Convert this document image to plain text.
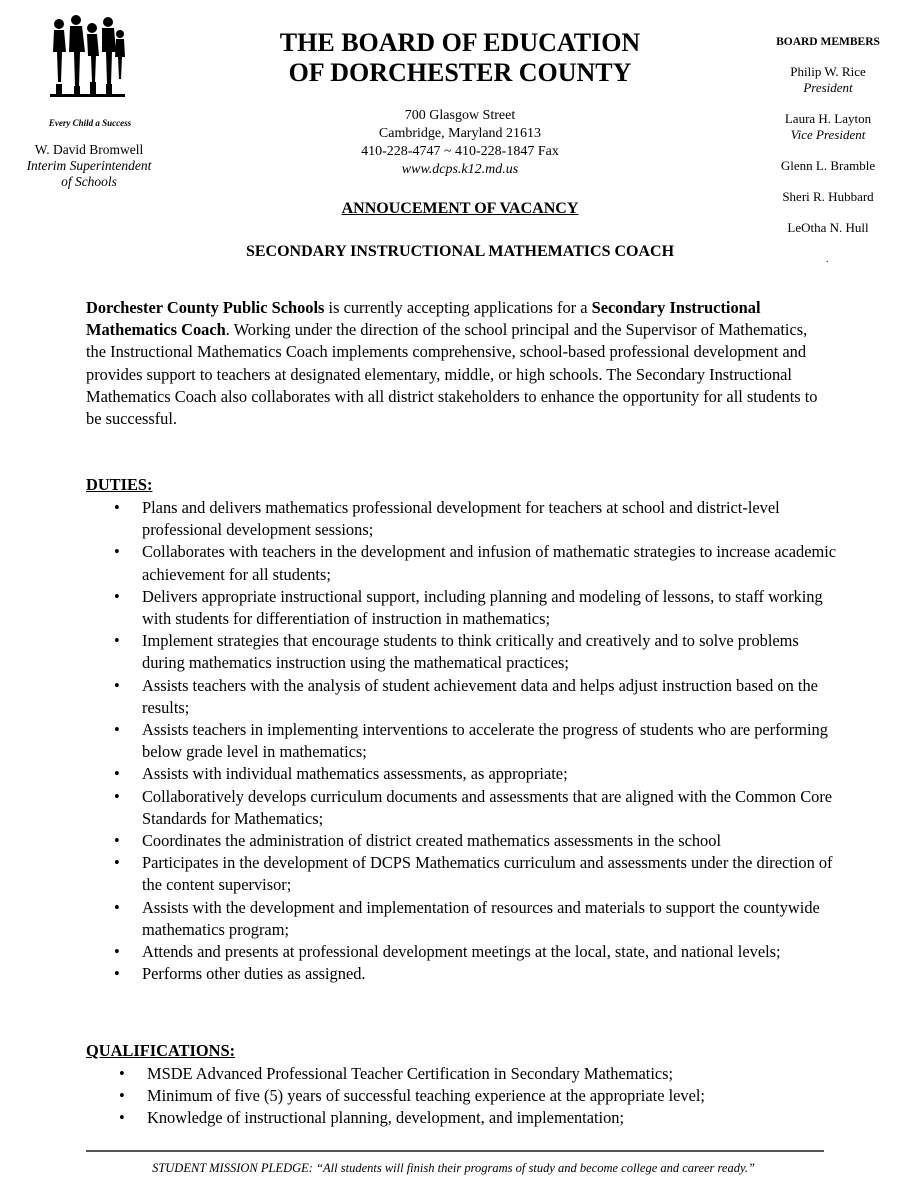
Every Child a Success
W. David Bromwell
Interim Superintendent
of Schools
THE BOARD OF EDUCATION
OF DORCHESTER COUNTY
700 Glasgow Street
Cambridge, Maryland 21613
410-228-4747 ~ 410-228-1847 Fax
www.dcps.k12.md.us
BOARD MEMBERS
Philip W. Rice
President
Laura H. Layton
Vice President
Glenn L. Bramble
Sheri R. Hubbard
LeOtha N. Hull
.
ANNOUCEMENT OF VACANCY
SECONDARY INSTRUCTIONAL MATHEMATICS COACH
Dorchester County Public Schools is currently accepting applications for a Secondary Instructional Mathematics Coach. Working under the direction of the school principal and the Supervisor of Mathematics, the Instructional Mathematics Coach implements comprehensive, school-based professional development and provides support to teachers at designated elementary, middle, or high schools. The Secondary Instructional Mathematics Coach also collaborates with all district stakeholders to enhance the opportunity for all students to be successful.
DUTIES:
• Plans and delivers mathematics professional development for teachers at school and district-level professional development sessions;
• Collaborates with teachers in the development and infusion of mathematic strategies to increase academic achievement for all students;
• Delivers appropriate instructional support, including planning and modeling of lessons, to staff working with students for differentiation of instruction in mathematics;
• Implement strategies that encourage students to think critically and creatively and to solve problems during mathematics instruction using the mathematical practices;
• Assists teachers with the analysis of student achievement data and helps adjust instruction based on the results;
• Assists teachers in implementing interventions to accelerate the progress of students who are performing below grade level in mathematics;
• Assists with individual mathematics assessments, as appropriate;
• Collaboratively develops curriculum documents and assessments that are aligned with the Common Core Standards for Mathematics;
• Coordinates the administration of district created mathematics assessments in the school
• Participates in the development of DCPS Mathematics curriculum and assessments under the direction of the content supervisor;
• Assists with the development and implementation of resources and materials to support the countywide mathematics program;
• Attends and presents at professional development meetings at the local, state, and national levels;
• Performs other duties as assigned.
QUALIFICATIONS:
• MSDE Advanced Professional Teacher Certification in Secondary Mathematics;
• Minimum of five (5) years of successful teaching experience at the appropriate level;
• Knowledge of instructional planning, development, and implementation;
STUDENT MISSION PLEDGE: “All students will finish their programs of study and become college and career ready.”
